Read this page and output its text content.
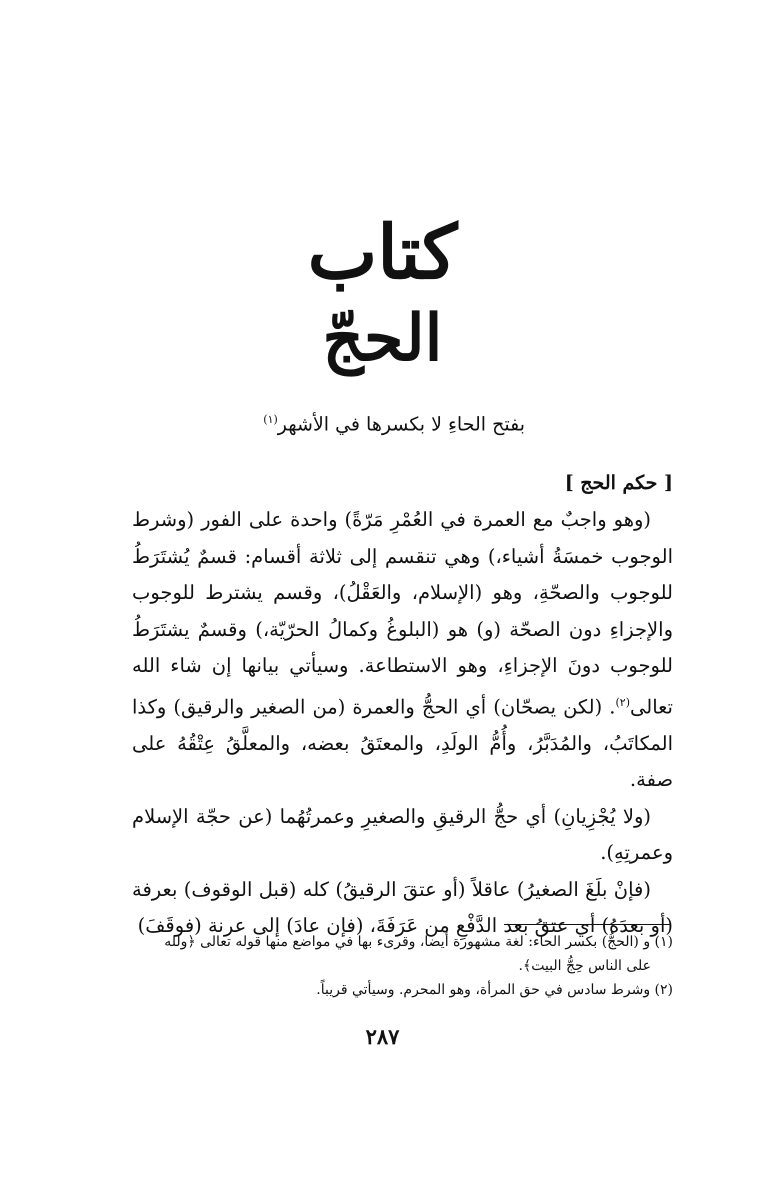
كتاب
الحجّ
بفتح الحاءِ لا بكسرها في الأشهر$^{(١)}$
[ حكم الحج ]

(وهو واجبٌ مع العمرة في العُمْرِ مَرّةً) واحدة على الفور (وشرط الوجوب خمسَةُ أشياء،) وهي تنقسم إلى ثلاثة أقسام: قسمٌ يُشتَرَطُ للوجوب والصحّةِ، وهو (الإسلام، والعَقْلُ)، وقسم يشترط للوجوب والإجزاءِ دون الصحّة (و) هو (البلوغُ وكمالُ الحرّيّة،) وقسمٌ يشتَرَطُ للوجوب دونَ الإجزاءِ، وهو الاستطاعة. وسيأتي بيانها إن شاء الله تعالى$^{(٢)}$. (لكن يصحّان) أي الحجُّ والعمرة (من الصغير والرقيق) وكذا المكاتَبُ، والمُدَبَّرُ، وأُمُّ الولَدِ، والمعتَقُ بعضه، والمعلَّقُ عِتْقُهُ على صفة.

(ولا يُجْزِيانِ) أي حجُّ الرقيقِ والصغيرِ وعمرتُهُما (عن حجّة الإسلام وعمرتِهِ).

(فإنْ بلَغَ الصغيرُ) عاقلاً (أو عتقَ الرقيقُ) كله (قبل الوقوف) بعرفة (أو بعدَهُ) أي عتقُ بعد الدَّفْعِ من عَرَفَةَ، (فإن عادَ) إلى عرنة (فوقَفَ)

(١) و (الحجُّ) بكسر الحاء: لغة مشهورة أيضا، وقرىء بها في مواضع منها قوله تعالى ﴿ولله

على الناس حِجُّ البيت﴾.

(٢) وشرط سادس في حق المرأة، وهو المحرم. وسيأتي قريباً.

٢٨٧
